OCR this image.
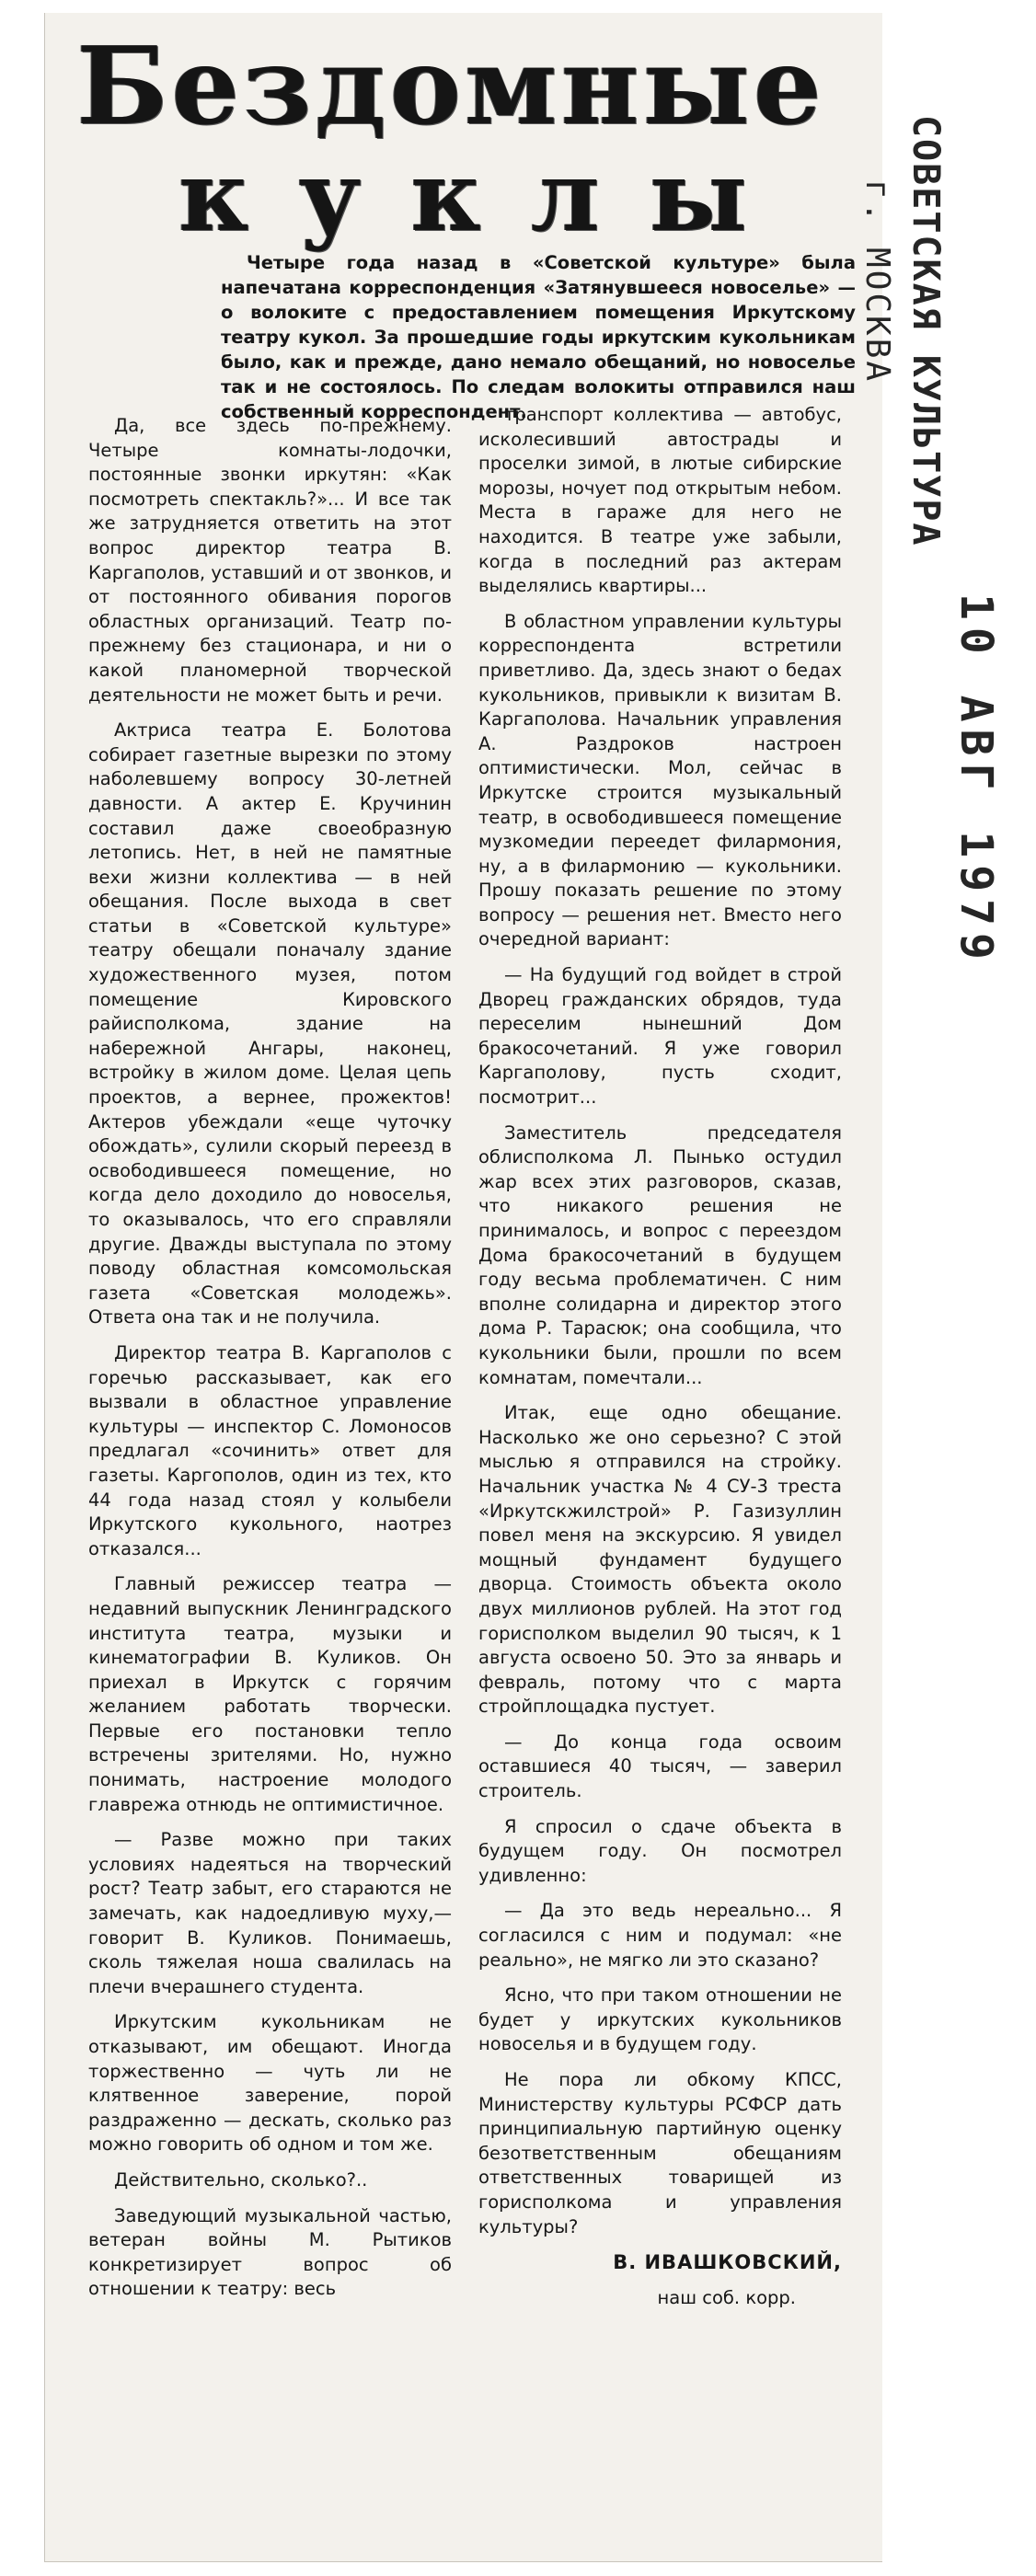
Бездомные
куклы

Четыре года назад в «Советской культуре» была напечатана корреспонденция «Затянувшееся новоселье» — о волоките с предоставлением помещения Иркутскому театру кукол. За прошедшие годы иркутским кукольникам было, как и прежде, дано немало обещаний, но новоселье так и не состоялось. По следам волокиты отправился наш собственный корреспондент.

Да, все здесь по-прежнему. Четыре комнаты-лодочки, постоянные звонки иркутян: «Как посмотреть спектакль?»... И все так же затрудняется ответить на этот вопрос директор театра В. Каргаполов, уставший и от звонков, и от постоянного обивания порогов областных организаций. Театр по-прежнему без стационара, и ни о какой планомерной творческой деятельности не может быть и речи.

Актриса театра Е. Болотова собирает газетные вырезки по этому наболевшему вопросу 30-летней давности. А актер Е. Кручинин составил даже своеобразную летопись. Нет, в ней не памятные вехи жизни коллектива — в ней обещания. После выхода в свет статьи в «Советской культуре» театру обещали поначалу здание художественного музея, потом помещение Кировского райисполкома, здание на набережной Ангары, наконец, встройку в жилом доме. Целая цепь проектов, а вернее, прожектов! Актеров убеждали «еще чуточку обождать», сулили скорый переезд в освободившееся помещение, но когда дело доходило до новоселья, то оказывалось, что его справляли другие. Дважды выступала по этому поводу областная комсомольская газета «Советская молодежь». Ответа она так и не получила.

Директор театра В. Каргаполов с горечью рассказывает, как его вызвали в областное управление культуры — инспектор С. Ломоносов предлагал «сочинить» ответ для газеты. Каргополов, один из тех, кто 44 года назад стоял у колыбели Иркутского кукольного, наотрез отказался...

Главный режиссер театра — недавний выпускник Ленинградского института театра, музыки и кинематографии В. Куликов. Он приехал в Иркутск с горячим желанием работать творчески. Первые его постановки тепло встречены зрителями. Но, нужно понимать, настроение молодого главрежа отнюдь не оптимистичное.

— Разве можно при таких условиях надеяться на творческий рост? Театр забыт, его стараются не замечать, как надоедливую муху,—говорит В. Куликов. Понимаешь, сколь тяжелая ноша свалилась на плечи вчерашнего студента.

Иркутским кукольникам не отказывают, им обещают. Иногда торжественно — чуть ли не клятвенное заверение, порой раздраженно — дескать, сколько раз можно говорить об одном и том же.

Действительно, сколько?..

Заведующий музыкальной частью, ветеран войны М. Рытиков конкретизирует вопрос об отношении к театру: весь

транспорт коллектива — автобус, исколесивший автострады и проселки зимой, в лютые сибирские морозы, ночует под открытым небом. Места в гараже для него не находится. В театре уже забыли, когда в последний раз актерам выделялись квартиры...

В областном управлении культуры корреспондента встретили приветливо. Да, здесь знают о бедах кукольников, привыкли к визитам В. Каргаполова. Начальник управления А. Раздроков настроен оптимистически. Мол, сейчас в Иркутске строится музыкальный театр, в освободившееся помещение музкомедии переедет филармония, ну, а в филармонию — кукольники. Прошу показать решение по этому вопросу — решения нет. Вместо него очередной вариант:

— На будущий год войдет в строй Дворец гражданских обрядов, туда переселим нынешний Дом бракосочетаний. Я уже говорил Каргаполову, пусть сходит, посмотрит...

Заместитель председателя облисполкома Л. Пынько остудил жар всех этих разговоров, сказав, что никакого решения не принималось, и вопрос с переездом Дома бракосочетаний в будущем году весьма проблематичен. С ним вполне солидарна и директор этого дома Р. Тарасюк; она сообщила, что кукольники были, прошли по всем комнатам, помечтали...

Итак, еще одно обещание. Насколько же оно серьезно? С этой мыслью я отправился на стройку. Начальник участка № 4 СУ-3 треста «Иркутскжилстрой» Р. Газизуллин повел меня на экскурсию. Я увидел мощный фундамент будущего дворца. Стоимость объекта около двух миллионов рублей. На этот год горисполком выделил 90 тысяч, к 1 августа освоено 50. Это за январь и февраль, потому что с марта стройплощадка пустует.

— До конца года освоим оставшиеся 40 тысяч, — заверил строитель.

Я спросил о сдаче объекта в будущем году. Он посмотрел удивленно:

— Да это ведь нереально... Я согласился с ним и подумал: «не реально», не мягко ли это сказано?

Ясно, что при таком отношении не будет у иркутских кукольников новоселья и в будущем году.

Не пора ли обкому КПСС, Министерству культуры РСФСР дать принципиальную партийную оценку безответственным обещаниям ответственных товарищей из горисполкома и управления культуры?

В. ИВАШКОВСКИЙ,

наш соб. корр.

СОВЕТСКАЯ КУЛЬТУРА
г. МОСКВА
10 АВГ 1979
